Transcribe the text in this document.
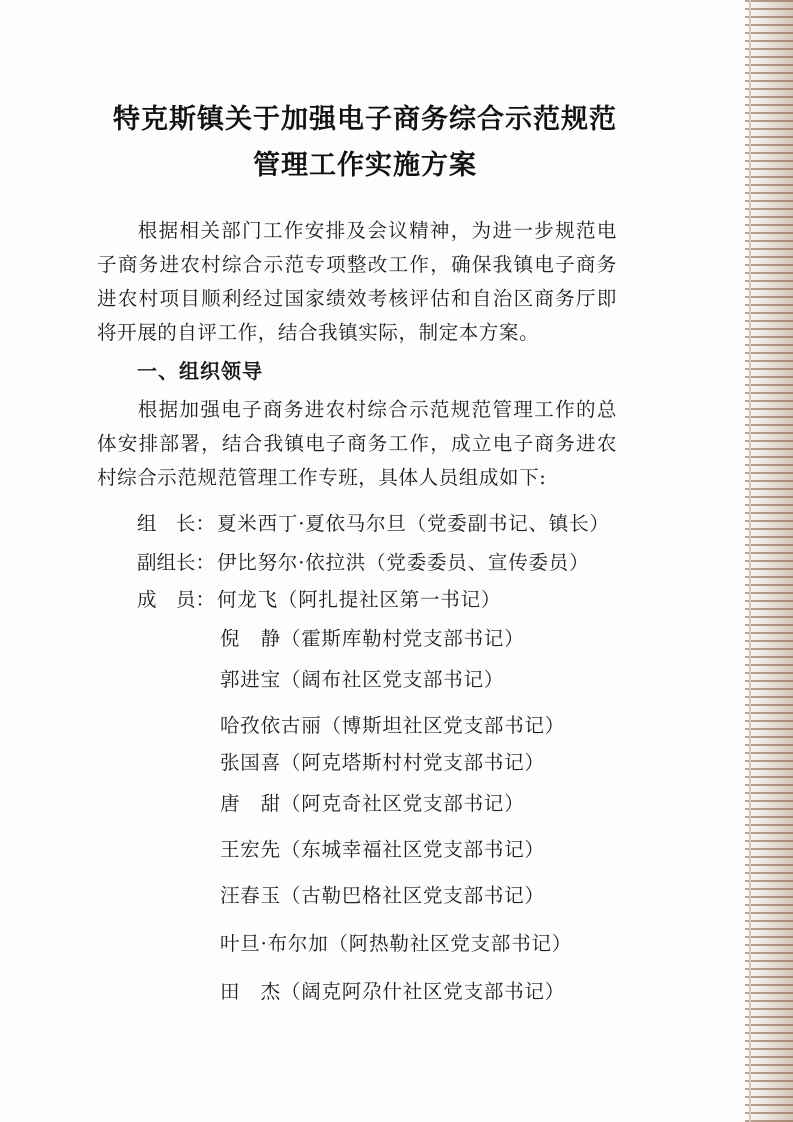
特克斯镇关于加强电子商务综合示范规范
管理工作实施方案
根据相关部门工作安排及会议精神，为进一步规范电子商务进农村综合示范专项整改工作，确保我镇电子商务进农村项目顺利经过国家绩效考核评估和自治区商务厅即将开展的自评工作，结合我镇实际，制定本方案。
一、组织领导
根据加强电子商务进农村综合示范规范管理工作的总体安排部署，结合我镇电子商务工作，成立电子商务进农村综合示范规范管理工作专班，具体人员组成如下:
组　长： 夏米西丁·夏依马尔旦（党委副书记、镇长）
副组长： 伊比努尔·依拉洪（党委委员、宣传委员）
成　员： 何龙飞（阿扎提社区第一书记）
倪　静（霍斯库勒村党支部书记）
郭进宝（阔布社区党支部书记）
哈孜依古丽（博斯坦社区党支部书记）
张国喜（阿克塔斯村村党支部书记）
唐　甜（阿克奇社区党支部书记）
王宏先（东城幸福社区党支部书记）
汪春玉（古勒巴格社区党支部书记）
叶旦·布尔加（阿热勒社区党支部书记）
田　杰（阔克阿尕什社区党支部书记）
